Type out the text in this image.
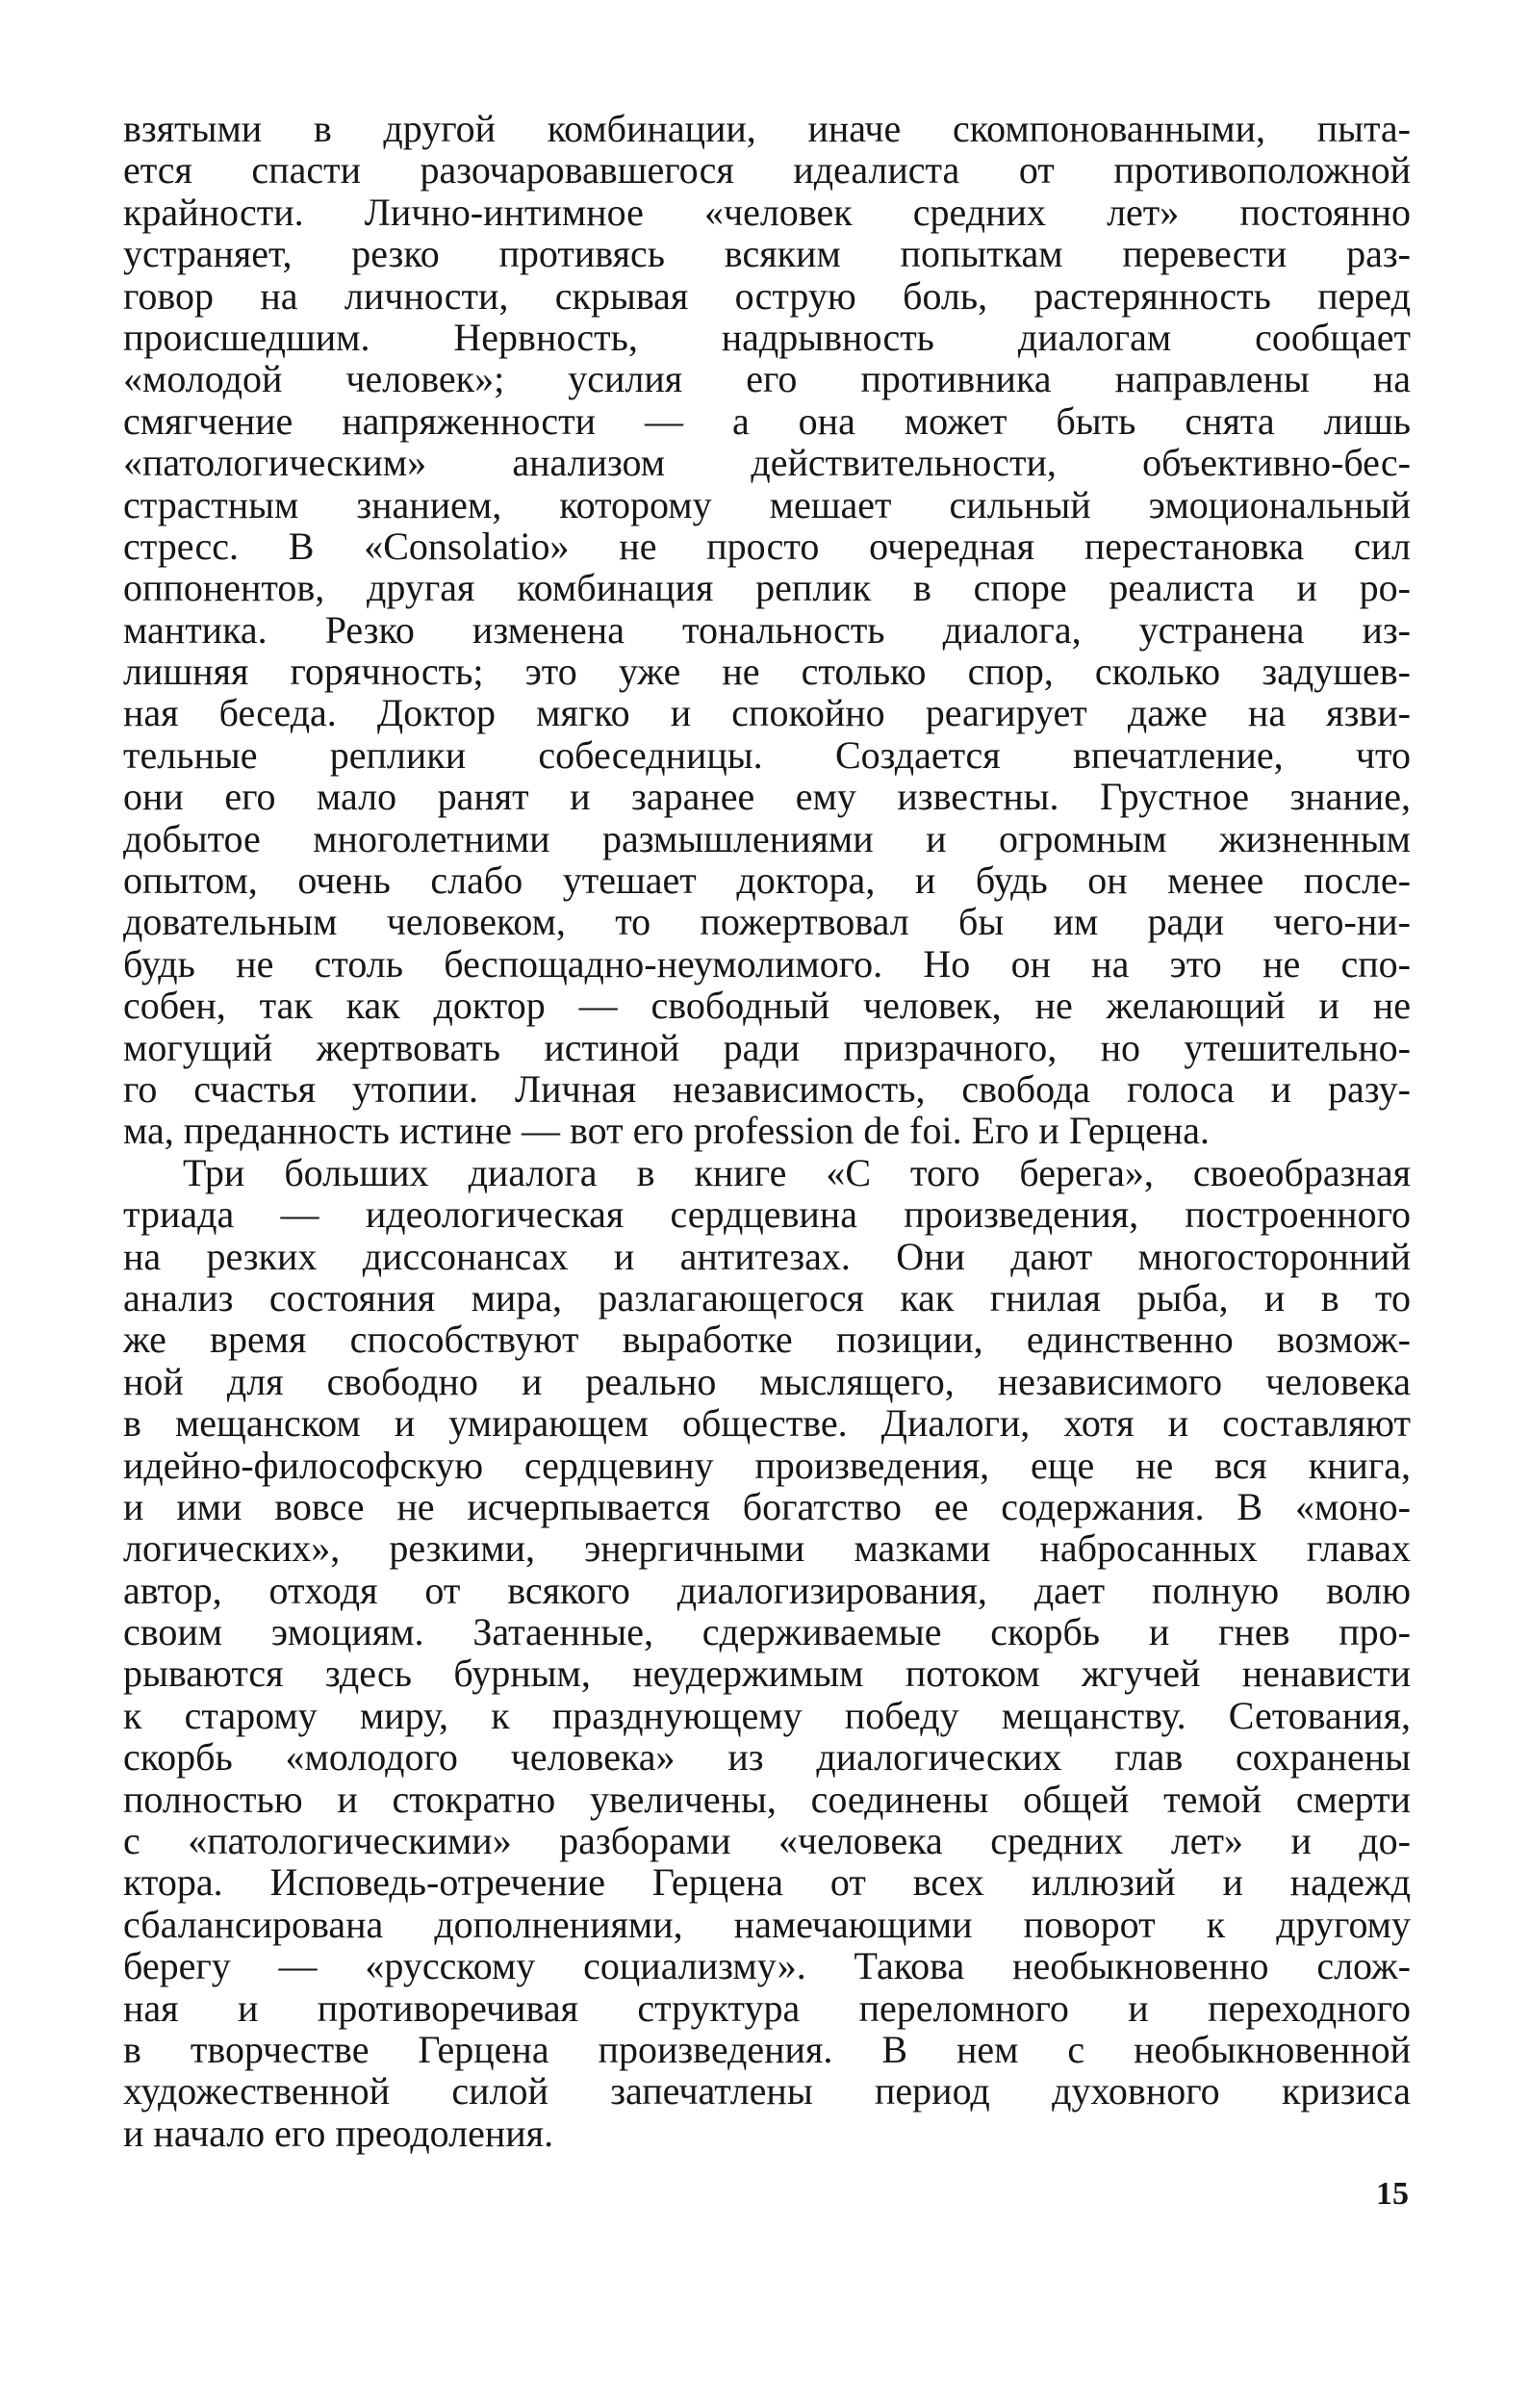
взятыми в другой комбинации, иначе скомпонованными, пыта-
ется спасти разочаровавшегося идеалиста от противоположной
крайности. Лично-интимное «человек средних лет» постоянно
устраняет, резко противясь всяким попыткам перевести раз-
говор на личности, скрывая острую боль, растерянность перед
происшедшим. Нервность, надрывность диалогам сообщает
«молодой человек»; усилия его противника направлены на
смягчение напряженности — а она может быть снята лишь
«патологическим» анализом действительности, объективно-бес-
страстным знанием, которому мешает сильный эмоциональный
стресс. В «Consolatio» не просто очередная перестановка сил
оппонентов, другая комбинация реплик в споре реалиста и ро-
мантика. Резко изменена тональность диалога, устранена из-
лишняя горячность; это уже не столько спор, сколько задушев-
ная беседа. Доктор мягко и спокойно реагирует даже на язви-
тельные реплики собеседницы. Создается впечатление, что
они его мало ранят и заранее ему известны. Грустное знание,
добытое многолетними размышлениями и огромным жизненным
опытом, очень слабо утешает доктора, и будь он менее после-
довательным человеком, то пожертвовал бы им ради чего-ни-
будь не столь беспощадно-неумолимого. Но он на это не спо-
собен, так как доктор — свободный человек, не желающий и не
могущий жертвовать истиной ради призрачного, но утешительно-
го счастья утопии. Личная независимость, свобода голоса и разу-
ма, преданность истине — вот его profession de foi. Его и Герцена.
Три больших диалога в книге «С того берега», своеобразная
триада — идеологическая сердцевина произведения, построенного
на резких диссонансах и антитезах. Они дают многосторонний
анализ состояния мира, разлагающегося как гнилая рыба, и в то
же время способствуют выработке позиции, единственно возмож-
ной для свободно и реально мыслящего, независимого человека
в мещанском и умирающем обществе. Диалоги, хотя и составляют
идейно-философскую сердцевину произведения, еще не вся книга,
и ими вовсе не исчерпывается богатство ее содержания. В «моно-
логических», резкими, энергичными мазками набросанных главах
автор, отходя от всякого диалогизирования, дает полную волю
своим эмоциям. Затаенные, сдерживаемые скорбь и гнев про-
рываются здесь бурным, неудержимым потоком жгучей ненависти
к старому миру, к празднующему победу мещанству. Сетования,
скорбь «молодого человека» из диалогических глав сохранены
полностью и стократно увеличены, соединены общей темой смерти
с «патологическими» разборами «человека средних лет» и до-
ктора. Исповедь-отречение Герцена от всех иллюзий и надежд
сбалансирована дополнениями, намечающими поворот к другому
берегу — «русскому социализму». Такова необыкновенно слож-
ная и противоречивая структура переломного и переходного
в творчестве Герцена произведения. В нем с необыкновенной
художественной силой запечатлены период духовного кризиса
и начало его преодоления.
15
